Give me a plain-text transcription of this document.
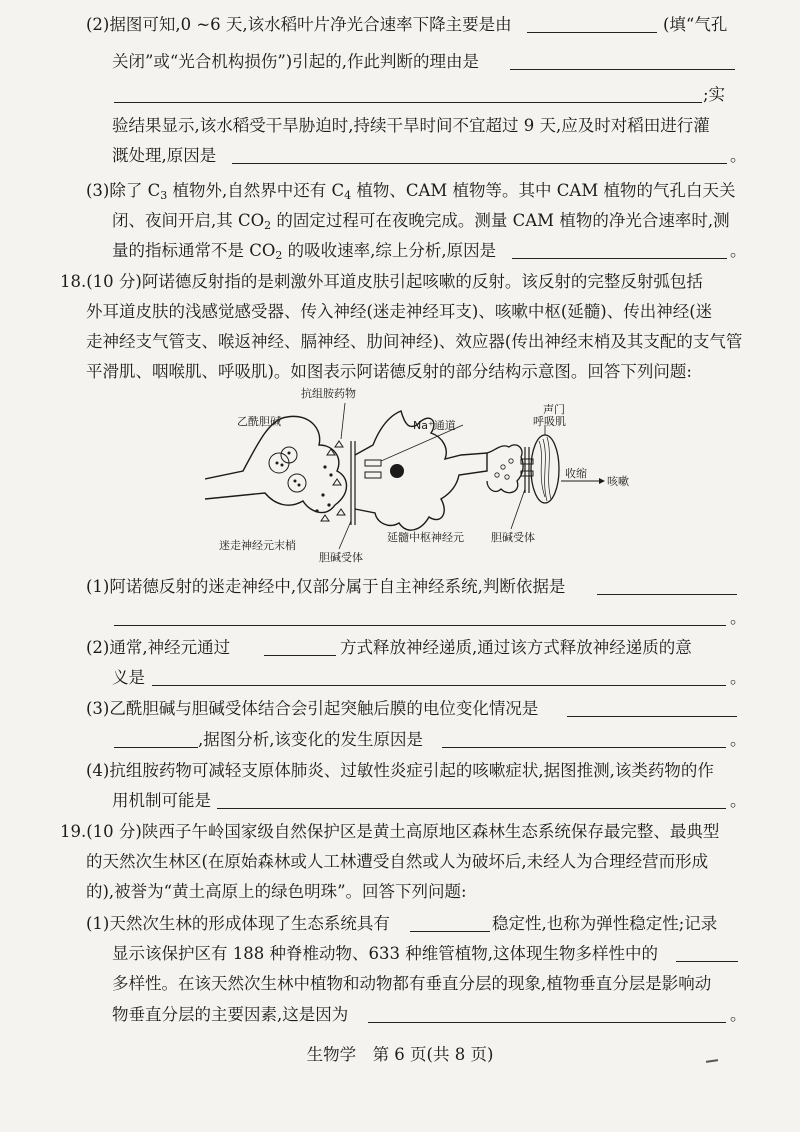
(2)据图可知,0 ~6 天,该水稻叶片净光合速率下降主要是由	(填“气孔
关闭”或“光合机构损伤”)引起的,作此判断的理由是
;实
验结果显示,该水稻受干旱胁迫时,持续干旱时间不宜超过 9 天,应及时对稻田进行灌
溉处理,原因是	。
(3)除了 $C_3$ 植物外,自然界中还有 $C_4$ 植物、CAM 植物等。其中 CAM 植物的气孔白天关
闭、夜间开启,其 $CO_2$ 的固定过程可在夜晚完成。测量 CAM 植物的净光合速率时,测
量的指标通常不是 $CO_2$ 的吸收速率,综上分析,原因是	。
18.(10 分)阿诺德反射指的是刺激外耳道皮肤引起咳嗽的反射。该反射的完整反射弧包括
外耳道皮肤的浅感觉感受器、传入神经(迷走神经耳支)、咳嗽中枢(延髓)、传出神经(迷
走神经支气管支、喉返神经、膈神经、肋间神经)、效应器(传出神经末梢及其支配的支气管
平滑肌、咽喉肌、呼吸肌)。如图表示阿诺德反射的部分结构示意图。回答下列问题:
乙酰胆碱
抗组胺药物
Na⁺通道
声门
呼吸肌
收缩
咳嗽
迷走神经元末梢
胆碱受体
延髓中枢神经元 胆碱受体
(1)阿诺德反射的迷走神经中,仅部分属于自主神经系统,判断依据是
。
(2)通常,神经元通过	方式释放神经递质,通过该方式释放神经递质的意
义是	。
(3)乙酰胆碱与胆碱受体结合会引起突触后膜的电位变化情况是
,据图分析,该变化的发生原因是	。
(4)抗组胺药物可减轻支原体肺炎、过敏性炎症引起的咳嗽症状,据图推测,该类药物的作
用机制可能是	。
19.(10 分)陕西子午岭国家级自然保护区是黄土高原地区森林生态系统保存最完整、最典型
的天然次生林区(在原始森林或人工林遭受自然或人为破坏后,未经人为合理经营而形成
的),被誉为“黄土高原上的绿色明珠”。回答下列问题:
(1)天然次生林的形成体现了生态系统具有	稳定性,也称为弹性稳定性;记录
显示该保护区有 188 种脊椎动物、633 种维管植物,这体现生物多样性中的
多样性。在该天然次生林中植物和动物都有垂直分层的现象,植物垂直分层是影响动
物垂直分层的主要因素,这是因为	。
生物学　第 6 页(共 8 页)
